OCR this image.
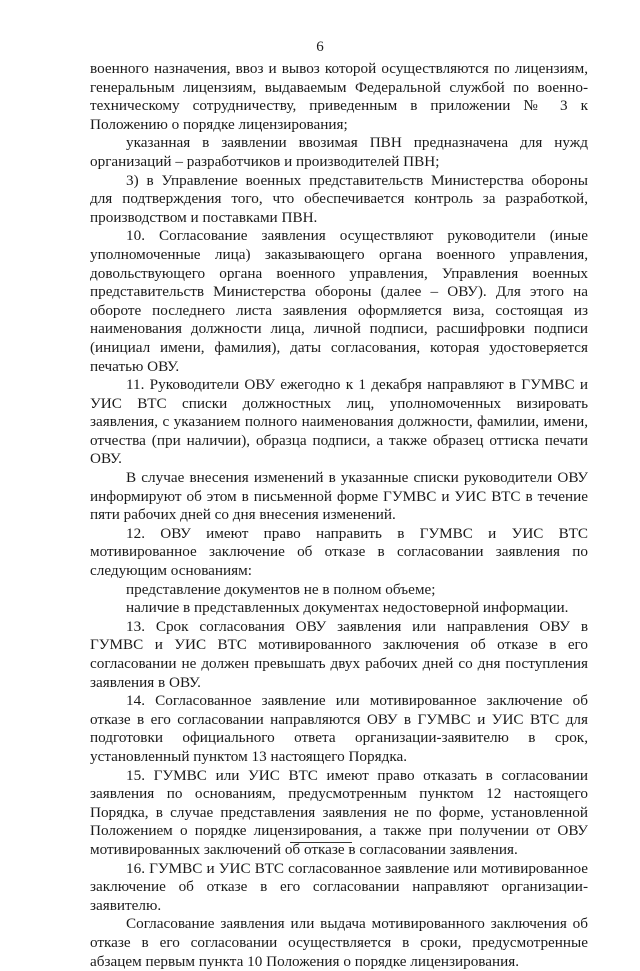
6

военного назначения, ввоз и вывоз которой осуществляются по лицензиям, генеральным лицензиям, выдаваемым Федеральной службой по военно-техническому сотрудничеству, приведенным в приложении № 3 к Положению о порядке лицензирования;

указанная в заявлении ввозимая ПВН предназначена для нужд организаций – разработчиков и производителей ПВН;

3) в Управление военных представительств Министерства обороны для подтверждения того, что обеспечивается контроль за разработкой, производством и поставками ПВН.

10. Согласование заявления осуществляют руководители (иные уполномоченные лица) заказывающего органа военного управления, довольствующего органа военного управления, Управления военных представительств Министерства обороны (далее – ОВУ). Для этого на обороте последнего листа заявления оформляется виза, состоящая из наименования должности лица, личной подписи, расшифровки подписи (инициал имени, фамилия), даты согласования, которая удостоверяется печатью ОВУ.

11. Руководители ОВУ ежегодно к 1 декабря направляют в ГУМВС и УИС ВТС списки должностных лиц, уполномоченных визировать заявления, с указанием полного наименования должности, фамилии, имени, отчества (при наличии), образца подписи, а также образец оттиска печати ОВУ.

В случае внесения изменений в указанные списки руководители ОВУ информируют об этом в письменной форме ГУМВС и УИС ВТС в течение пяти рабочих дней со дня внесения изменений.

12. ОВУ имеют право направить в ГУМВС и УИС ВТС мотивированное заключение об отказе в согласовании заявления по следующим основаниям:

представление документов не в полном объеме;

наличие в представленных документах недостоверной информации.

13. Срок согласования ОВУ заявления или направления ОВУ в ГУМВС и УИС ВТС мотивированного заключения об отказе в его согласовании не должен превышать двух рабочих дней со дня поступления заявления в ОВУ.

14. Согласованное заявление или мотивированное заключение об отказе в его согласовании направляются ОВУ в ГУМВС и УИС ВТС для подготовки официального ответа организации-заявителю в срок, установленный пунктом 13 настоящего Порядка.

15. ГУМВС или УИС ВТС имеют право отказать в согласовании заявления по основаниям, предусмотренным пунктом 12 настоящего Порядка, в случае представления заявления не по форме, установленной Положением о порядке лицензирования, а также при получении от ОВУ мотивированных заключений об отказе в согласовании заявления.

16. ГУМВС и УИС ВТС согласованное заявление или мотивированное заключение об отказе в его согласовании направляют организации-заявителю.

Согласование заявления или выдача мотивированного заключения об отказе в его согласовании осуществляется в сроки, предусмотренные абзацем первым пункта 10 Положения о порядке лицензирования.
